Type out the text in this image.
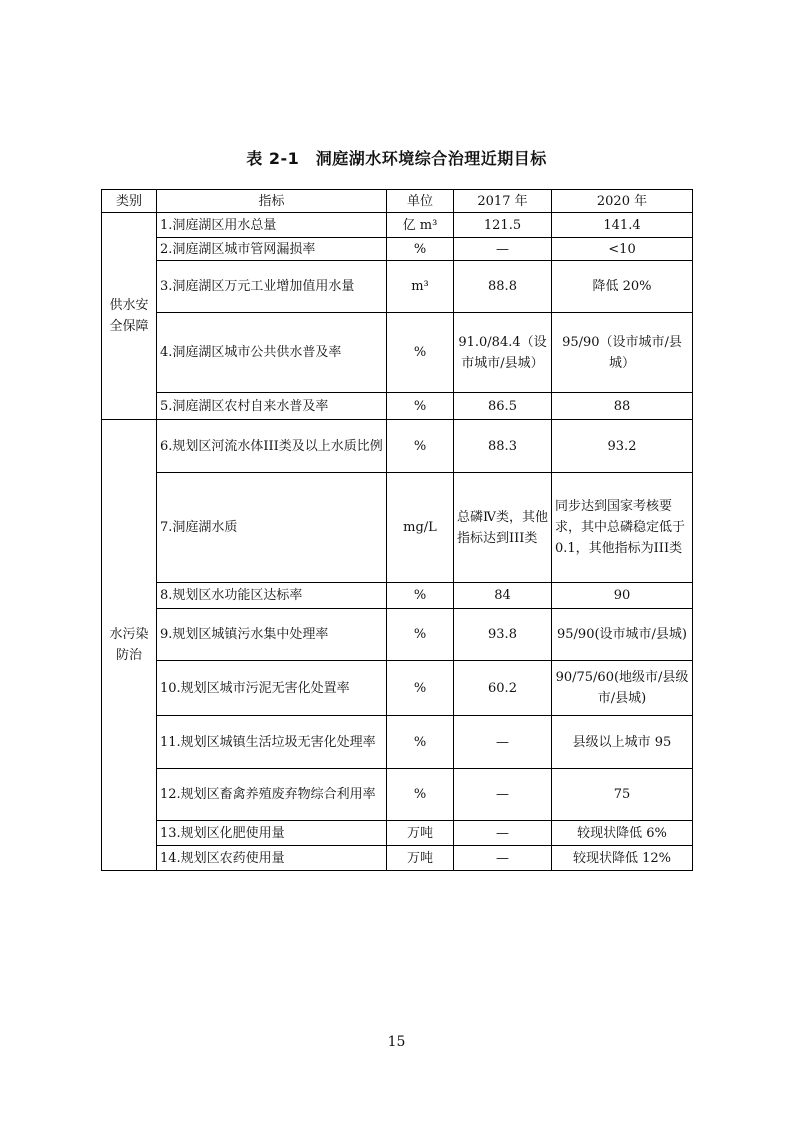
表 2-1　洞庭湖水环境综合治理近期目标
类别	指标	单位	2017 年	2020 年
供水安全保障	1.洞庭湖区用水总量	亿 m³	121.5	141.4
	2.洞庭湖区城市管网漏损率	%	—	<10
	3.洞庭湖区万元工业增加值用水量	m³	88.8	降低 20%
	4.洞庭湖区城市公共供水普及率	%	91.0/84.4（设市城市/县城）	95/90（设市城市/县城）
	5.洞庭湖区农村自来水普及率	%	86.5	88
水污染防治	6.规划区河流水体III类及以上水质比例	%	88.3	93.2
	7.洞庭湖水质	mg/L	总磷Ⅳ类，其他指标达到III类	同步达到国家考核要求，其中总磷稳定低于 0.1，其他指标为III类
	8.规划区水功能区达标率	%	84	90
	9.规划区城镇污水集中处理率	%	93.8	95/90(设市城市/县城)
	10.规划区城市污泥无害化处置率	%	60.2	90/75/60(地级市/县级市/县城)
	11.规划区城镇生活垃圾无害化处理率	%	—	县级以上城市 95
	12.规划区畜禽养殖废弃物综合利用率	%	—	75
	13.规划区化肥使用量	万吨	—	较现状降低 6%
	14.规划区农药使用量	万吨	—	较现状降低 12%
15
